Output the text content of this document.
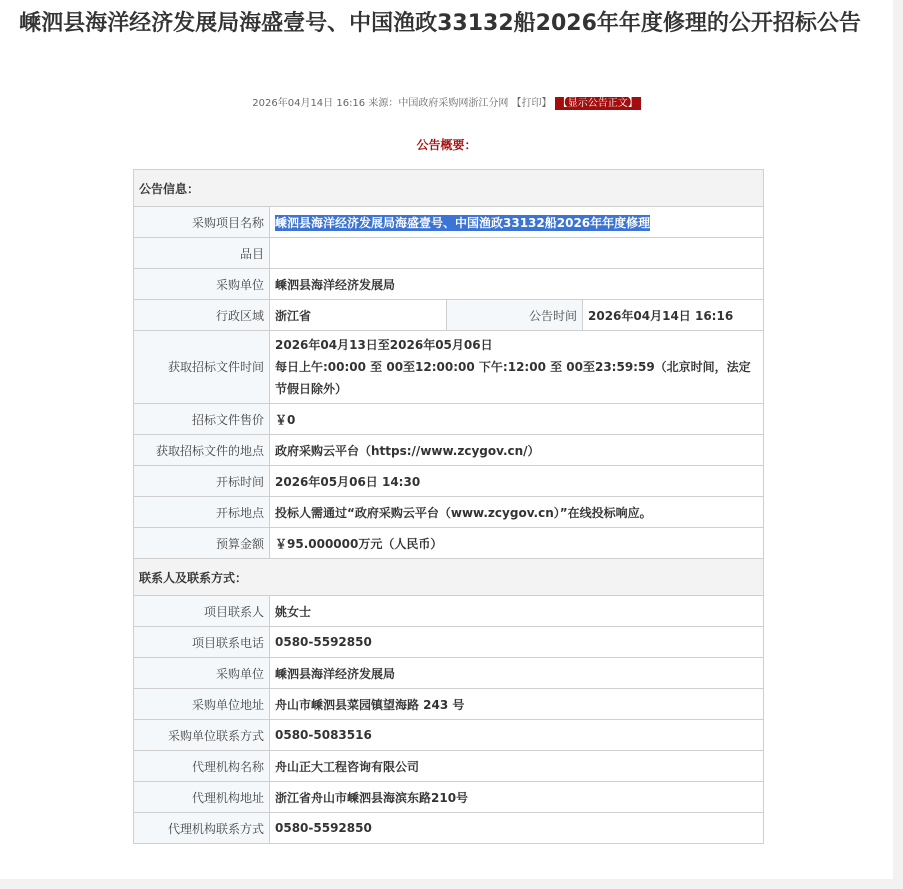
嵊泗县海洋经济发展局海盛壹号、中国渔政33132船2026年年度修理的公开招标公告
2026年04月14日 16:16 来源：中国政府采购网浙江分网 【打印】 【显示公告正文】
公告概要：
公告信息：			
采购项目名称	嵊泗县海洋经济发展局海盛壹号、中国渔政33132船2026年年度修理		
品目			
采购单位	嵊泗县海洋经济发展局		
行政区域	浙江省	公告时间	2026年04月14日 16:16
获取招标文件时间	2026年04月13日至2026年05月06日
每日上午:00:00 至 00至12:00:00 下午:12:00 至 00至23:59:59（北京时间，法定节假日除外）		

招标文件售价	￥0		
获取招标文件的地点	政府采购云平台（https://www.zcygov.cn/）		
开标时间	2026年05月06日 14:30		
开标地点	投标人需通过“政府采购云平台（www.zcygov.cn）”在线投标响应。		
预算金额	￥95.000000万元（人民币）		
联系人及联系方式：			
项目联系人	姚女士		
项目联系电话	0580-5592850		
采购单位	嵊泗县海洋经济发展局		
采购单位地址	舟山市嵊泗县菜园镇望海路 243 号		
采购单位联系方式	0580-5083516		
代理机构名称	舟山正大工程咨询有限公司		
代理机构地址	浙江省舟山市嵊泗县海滨东路210号		
代理机构联系方式	0580-5592850		
